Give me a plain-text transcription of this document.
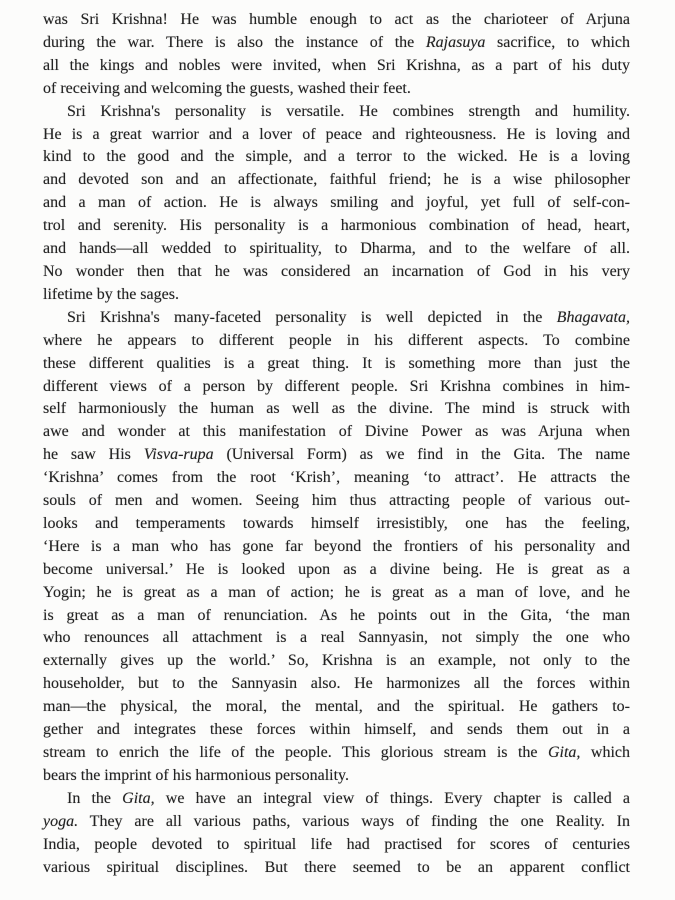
was Sri Krishna! He was humble enough to act as the charioteer of Arjuna
during the war. There is also the instance of the Rajasuya sacrifice, to which
all the kings and nobles were invited, when Sri Krishna, as a part of his duty
of receiving and welcoming the guests, washed their feet.
Sri Krishna's personality is versatile. He combines strength and humility.
He is a great warrior and a lover of peace and righteousness. He is loving and
kind to the good and the simple, and a terror to the wicked. He is a loving
and devoted son and an affectionate, faithful friend; he is a wise philosopher
and a man of action. He is always smiling and joyful, yet full of self-con-
trol and serenity. His personality is a harmonious combination of head, heart,
and hands—all wedded to spirituality, to Dharma, and to the welfare of all.
No wonder then that he was considered an incarnation of God in his very
lifetime by the sages.
Sri Krishna's many-faceted personality is well depicted in the Bhagavata,
where he appears to different people in his different aspects. To combine
these different qualities is a great thing. It is something more than just the
different views of a person by different people. Sri Krishna combines in him-
self harmoniously the human as well as the divine. The mind is struck with
awe and wonder at this manifestation of Divine Power as was Arjuna when
he saw His Visva-rupa (Universal Form) as we find in the Gita. The name
‘Krishna’ comes from the root ‘Krish’, meaning ‘to attract’. He attracts the
souls of men and women. Seeing him thus attracting people of various out-
looks and temperaments towards himself irresistibly, one has the feeling,
‘Here is a man who has gone far beyond the frontiers of his personality and
become universal.’ He is looked upon as a divine being. He is great as a
Yogin; he is great as a man of action; he is great as a man of love, and he
is great as a man of renunciation. As he points out in the Gita, ‘the man
who renounces all attachment is a real Sannyasin, not simply the one who
externally gives up the world.’ So, Krishna is an example, not only to the
householder, but to the Sannyasin also. He harmonizes all the forces within
man—the physical, the moral, the mental, and the spiritual. He gathers to-
gether and integrates these forces within himself, and sends them out in a
stream to enrich the life of the people. This glorious stream is the Gita, which
bears the imprint of his harmonious personality.
In the Gita, we have an integral view of things. Every chapter is called a
yoga. They are all various paths, various ways of finding the one Reality. In
India, people devoted to spiritual life had practised for scores of centuries
various spiritual disciplines. But there seemed to be an apparent conflict
